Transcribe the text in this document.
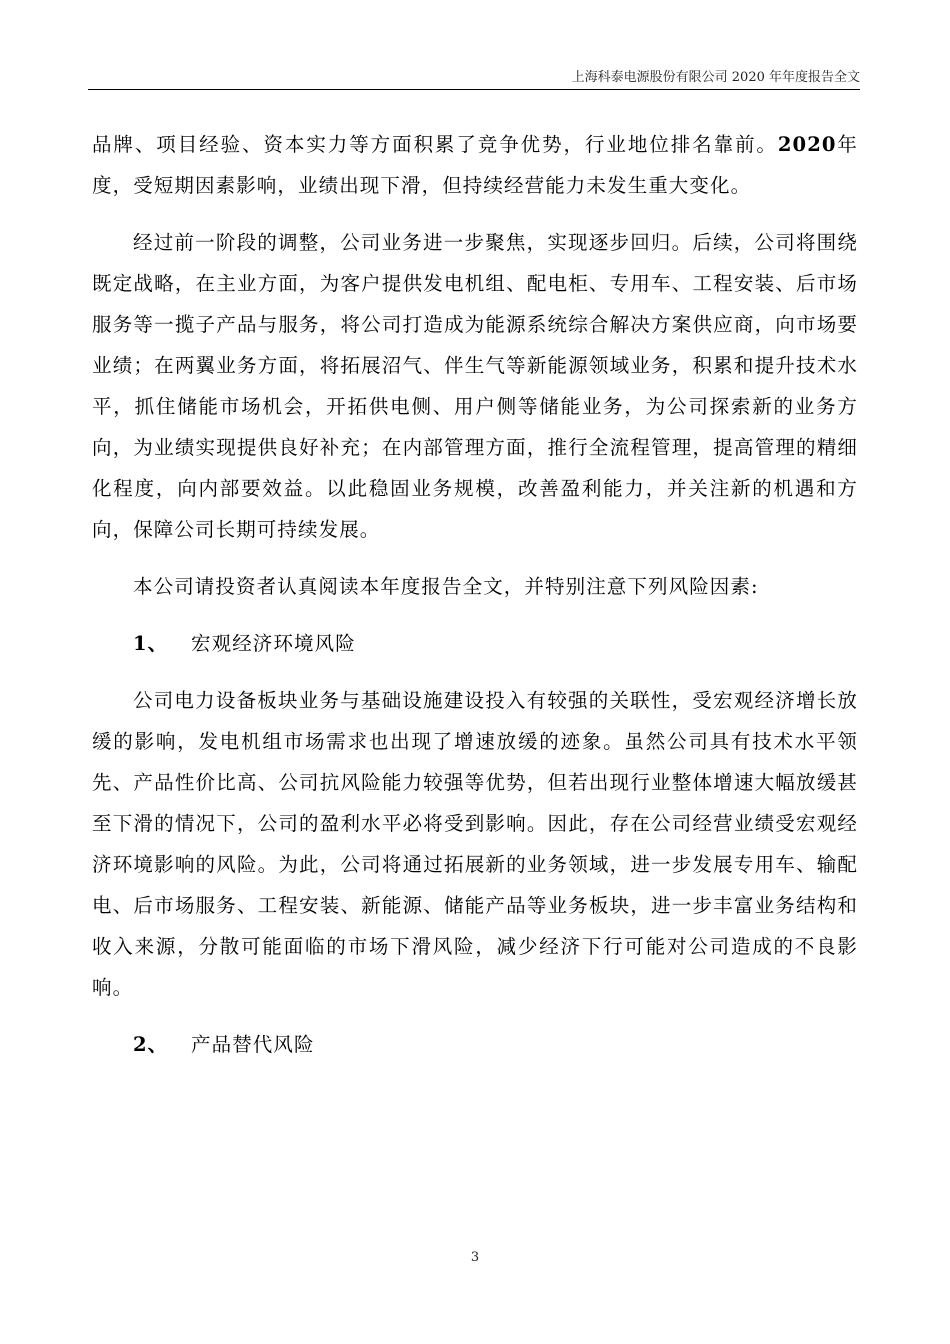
上海科泰电源股份有限公司 2020 年年度报告全文

品牌、项目经验、资本实力等方面积累了竞争优势，行业地位排名靠前。2020年度，受短期因素影响，业绩出现下滑，但持续经营能力未发生重大变化。

经过前一阶段的调整，公司业务进一步聚焦，实现逐步回归。后续，公司将围绕既定战略，在主业方面，为客户提供发电机组、配电柜、专用车、工程安装、后市场服务等一揽子产品与服务，将公司打造成为能源系统综合解决方案供应商，向市场要业绩；在两翼业务方面，将拓展沼气、伴生气等新能源领域业务，积累和提升技术水平，抓住储能市场机会，开拓供电侧、用户侧等储能业务，为公司探索新的业务方向，为业绩实现提供良好补充；在内部管理方面，推行全流程管理，提高管理的精细化程度，向内部要效益。以此稳固业务规模，改善盈利能力，并关注新的机遇和方向，保障公司长期可持续发展。

本公司请投资者认真阅读本年度报告全文，并特别注意下列风险因素:

1、 宏观经济环境风险

公司电力设备板块业务与基础设施建设投入有较强的关联性，受宏观经济增长放缓的影响，发电机组市场需求也出现了增速放缓的迹象。虽然公司具有技术水平领先、产品性价比高、公司抗风险能力较强等优势，但若出现行业整体增速大幅放缓甚至下滑的情况下，公司的盈利水平必将受到影响。因此，存在公司经营业绩受宏观经济环境影响的风险。为此，公司将通过拓展新的业务领域，进一步发展专用车、输配电、后市场服务、工程安装、新能源、储能产品等业务板块，进一步丰富业务结构和收入来源，分散可能面临的市场下滑风险，减少经济下行可能对公司造成的不良影响。

2、 产品替代风险
3
